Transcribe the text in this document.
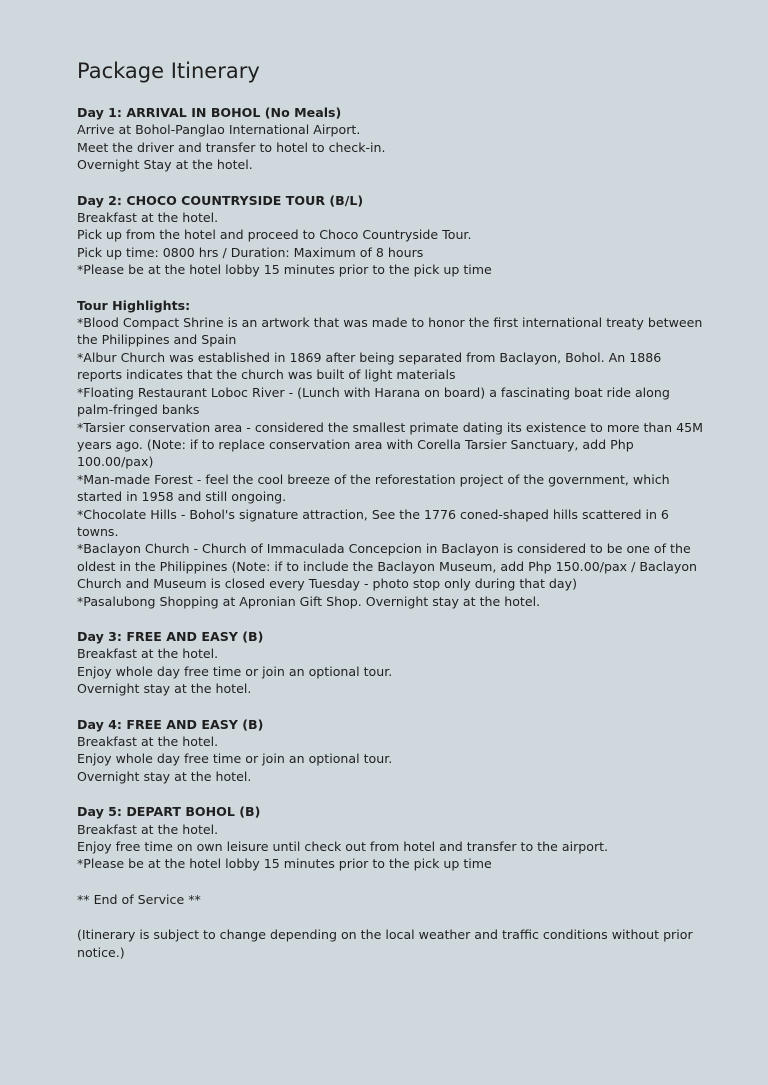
Package Itinerary

Day 1: ARRIVAL IN BOHOL (No Meals)

Arrive at Bohol-Panglao International Airport.

Meet the driver and transfer to hotel to check-in.

Overnight Stay at the hotel.

Day 2: CHOCO COUNTRYSIDE TOUR (B/L)

Breakfast at the hotel.

Pick up from the hotel and proceed to Choco Countryside Tour.

Pick up time: 0800 hrs / Duration: Maximum of 8 hours

*Please be at the hotel lobby 15 minutes prior to the pick up time

Tour Highlights:

*Blood Compact Shrine is an artwork that was made to honor the first international treaty between the Philippines and Spain

*Albur Church was established in 1869 after being separated from Baclayon, Bohol. An 1886 reports indicates that the church was built of light materials

*Floating Restaurant Loboc River - (Lunch with Harana on board) a fascinating boat ride along palm-fringed banks

*Tarsier conservation area - considered the smallest primate dating its existence to more than 45M years ago. (Note: if to replace conservation area with Corella Tarsier Sanctuary, add Php 100.00/pax)

*Man-made Forest - feel the cool breeze of the reforestation project of the government, which started in 1958 and still ongoing.

*Chocolate Hills - Bohol's signature attraction, See the 1776 coned-shaped hills scattered in 6 towns.

*Baclayon Church - Church of Immaculada Concepcion in Baclayon is considered to be one of the oldest in the Philippines (Note: if to include the Baclayon Museum, add Php 150.00/pax / Baclayon Church and Museum is closed every Tuesday - photo stop only during that day)

*Pasalubong Shopping at Apronian Gift Shop. Overnight stay at the hotel.

Day 3: FREE AND EASY (B)

Breakfast at the hotel.

Enjoy whole day free time or join an optional tour.

Overnight stay at the hotel.

Day 4: FREE AND EASY (B)

Breakfast at the hotel.

Enjoy whole day free time or join an optional tour.

Overnight stay at the hotel.

Day 5: DEPART BOHOL (B)

Breakfast at the hotel.

Enjoy free time on own leisure until check out from hotel and transfer to the airport.

*Please be at the hotel lobby 15 minutes prior to the pick up time

** End of Service **

(Itinerary is subject to change depending on the local weather and traffic conditions without prior notice.)
